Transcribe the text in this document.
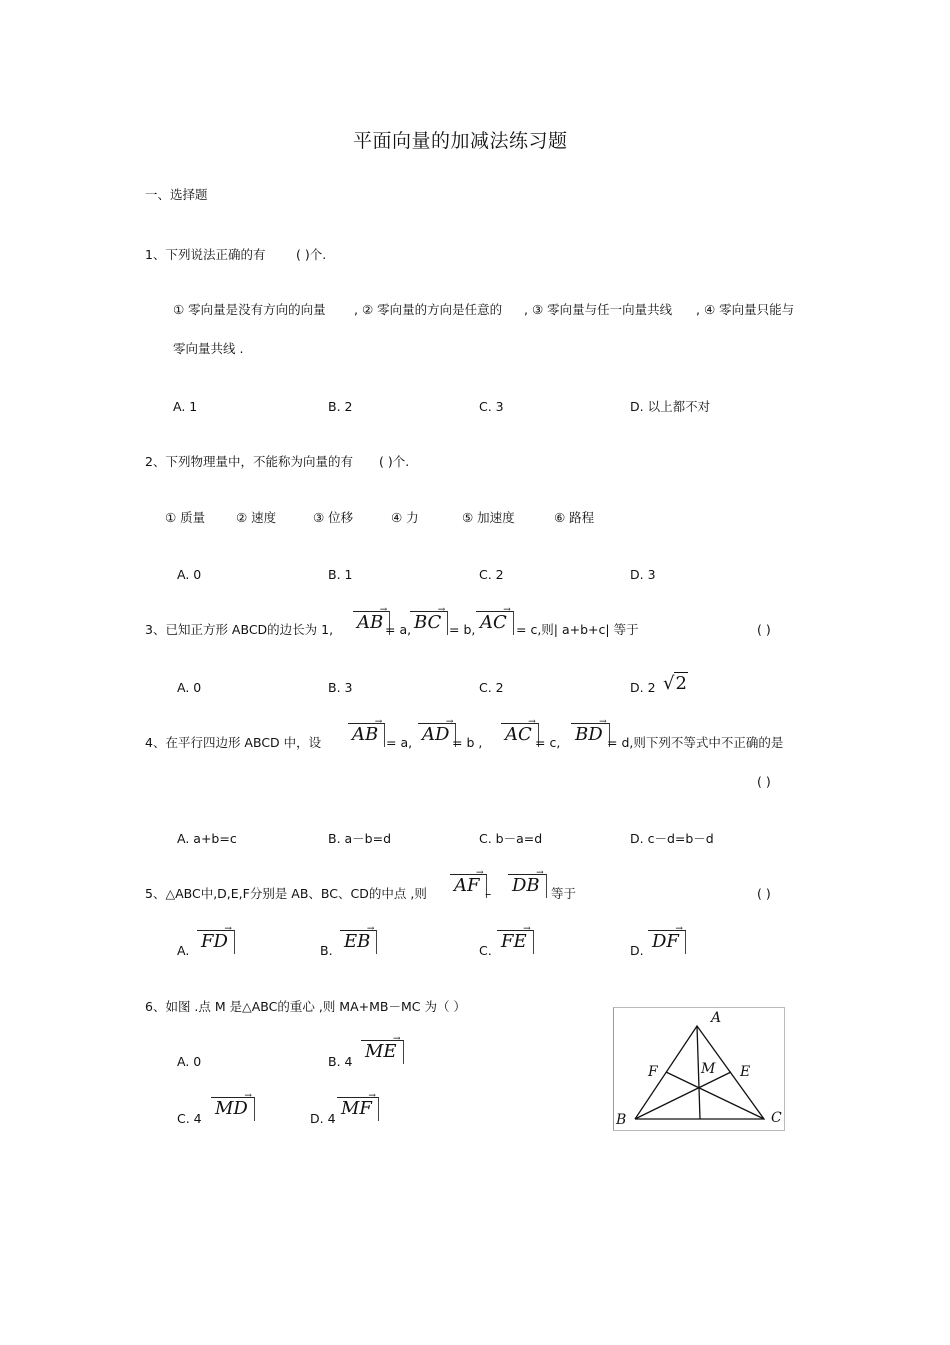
平面向量的加减法练习题
一、选择题
1、下列说法正确的有 ( )个.
① 零向量是没有方向的向量 , ② 零向量的方向是任意的 , ③ 零向量与任一向量共线 , ④ 零向量只能与
零向量共线 .
A. 1	B. 2	C. 3	D. 以上都不对
2、下列物理量中，不能称为向量的有 ( )个.
① 质量 ② 速度	③ 位移	④ 力	⑤ 加速度	⑥ 路程
A. 0	B. 1	C. 2	D. 3
3、已知正方形 ABCD的边长为 1, AB
→
= a, BC
→
= b, AC
→
= c,则| a+b+c| 等于	( )
A. 0	B. 3	C. 2	D. 2 √2
4、在平行四边形 ABCD 中，设 AB
→
= a, AD
→
= b , AC
→
= c, BD
→
= d,则下列不等式中不正确的是
( )
A. a+b=c	B. a－b=d	C. b－a=d	D. c－d=b－d
5、△ABC中,D,E,F分别是 AB、BC、CD的中点 ,则 AF
→
– DB
→
等于	( )
A. FD
→
B. EB
→
C. FE
→
D. DF
→
6、如图 .点 M 是△ABC的重心 ,则 MA+MB－MC 为（ ）
A. 0	B. 4 ME
→
C. 4 MD
→
D. 4 MF
→
A
B	C
E
F	M
